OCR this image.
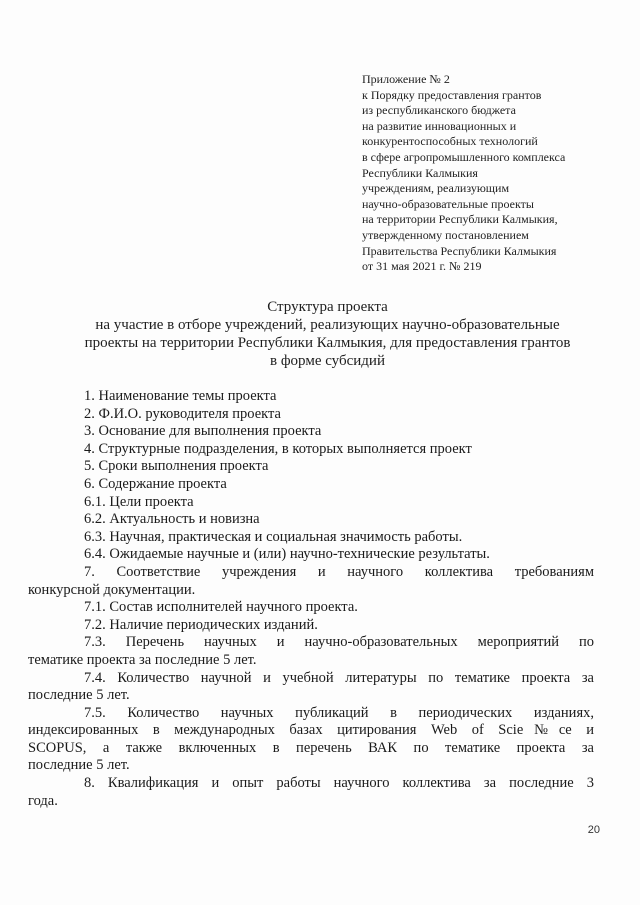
Приложение № 2
к Порядку предоставления грантов
из республиканского бюджета
на развитие инновационных и
конкурентоспособных технологий
в сфере агропромышленного комплекса
Республики Калмыкия
учреждениям, реализующим
научно-образовательные проекты
на территории Республики Калмыкия,
утвержденному постановлением
Правительства Республики Калмыкия
от 31 мая 2021 г. № 219
Структура проекта
на участие в отборе учреждений, реализующих научно-образовательные
проекты на территории Республики Калмыкия, для предоставления грантов
в форме субсидий
1. Наименование темы проекта
2. Ф.И.О. руководителя проекта
3. Основание для выполнения проекта
4. Структурные подразделения, в которых выполняется проект
5. Сроки выполнения проекта
6. Содержание проекта
6.1. Цели проекта
6.2. Актуальность и новизна
6.3. Научная, практическая и социальная значимость работы.
6.4. Ожидаемые научные и (или) научно-технические результаты.
7. Соответствие учреждения и научного коллектива требованиям
конкурсной документации.
7.1. Состав исполнителей научного проекта.
7.2. Наличие периодических изданий.
7.3. Перечень научных и научно-образовательных мероприятий по
тематике проекта за последние 5 лет.
7.4. Количество научной и учебной литературы по тематике проекта за
последние 5 лет.
7.5. Количество научных публикаций в периодических изданиях,
индексированных в международных базах цитирования Web of Scie№ce и
SCOPUS, а также включенных в перечень ВАК по тематике проекта за
последние 5 лет.
8. Квалификация и опыт работы научного коллектива за последние 3
года.
20
